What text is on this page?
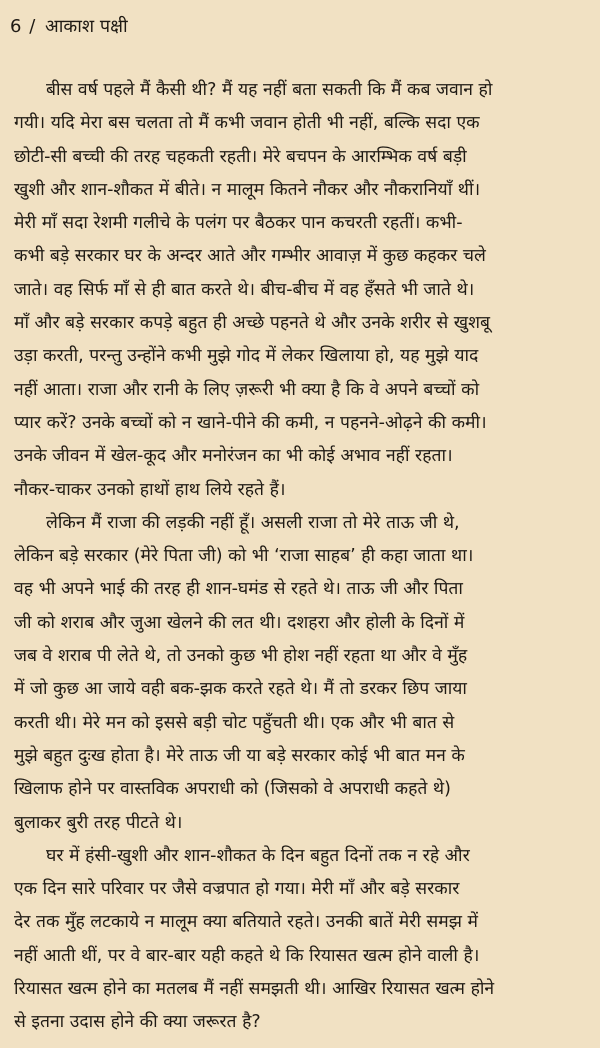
6 / आकाश पक्षी
बीस वर्ष पहले मैं कैसी थी? मैं यह नहीं बता सकती कि मैं कब जवान हो
गयी। यदि मेरा बस चलता तो मैं कभी जवान होती भी नहीं, बल्कि सदा एक
छोटी-सी बच्ची की तरह चहकती रहती। मेरे बचपन के आरम्भिक वर्ष बड़ी
खुशी और शान-शौकत में बीते। न मालूम कितने नौकर और नौकरानियाँ थीं।
मेरी माँ सदा रेशमी गलीचे के पलंग पर बैठकर पान कचरती रहतीं। कभी-
कभी बड़े सरकार घर के अन्दर आते और गम्भीर आवाज़ में कुछ कहकर चले
जाते। वह सिर्फ माँ से ही बात करते थे। बीच-बीच में वह हँसते भी जाते थे।
माँ और बड़े सरकार कपड़े बहुत ही अच्छे पहनते थे और उनके शरीर से खुशबू
उड़ा करती, परन्तु उन्होंने कभी मुझे गोद में लेकर खिलाया हो, यह मुझे याद
नहीं आता। राजा और रानी के लिए ज़रूरी भी क्या है कि वे अपने बच्चों को
प्यार करें? उनके बच्चों को न खाने-पीने की कमी, न पहनने-ओढ़ने की कमी।
उनके जीवन में खेल-कूद और मनोरंजन का भी कोई अभाव नहीं रहता।
नौकर-चाकर उनको हाथों हाथ लिये रहते हैं।
लेकिन मैं राजा की लड़की नहीं हूँ। असली राजा तो मेरे ताऊ जी थे,
लेकिन बड़े सरकार (मेरे पिता जी) को भी ‘राजा साहब’ ही कहा जाता था।
वह भी अपने भाई की तरह ही शान-घमंड से रहते थे। ताऊ जी और पिता
जी को शराब और जुआ खेलने की लत थी। दशहरा और होली के दिनों में
जब वे शराब पी लेते थे, तो उनको कुछ भी होश नहीं रहता था और वे मुँह
में जो कुछ आ जाये वही बक-झक करते रहते थे। मैं तो डरकर छिप जाया
करती थी। मेरे मन को इससे बड़ी चोट पहुँचती थी। एक और भी बात से
मुझे बहुत दुःख होता है। मेरे ताऊ जी या बड़े सरकार कोई भी बात मन के
खिलाफ होने पर वास्तविक अपराधी को (जिसको वे अपराधी कहते थे)
बुलाकर बुरी तरह पीटते थे।
घर में हंसी-खुशी और शान-शौकत के दिन बहुत दिनों तक न रहे और
एक दिन सारे परिवार पर जैसे वज्रपात हो गया। मेरी माँ और बड़े सरकार
देर तक मुँह लटकाये न मालूम क्या बतियाते रहते। उनकी बातें मेरी समझ में
नहीं आती थीं, पर वे बार-बार यही कहते थे कि रियासत खत्म होने वाली है।
रियासत खत्म होने का मतलब मैं नहीं समझती थी। आखिर रियासत खत्म होने
से इतना उदास होने की क्या जरूरत है?
